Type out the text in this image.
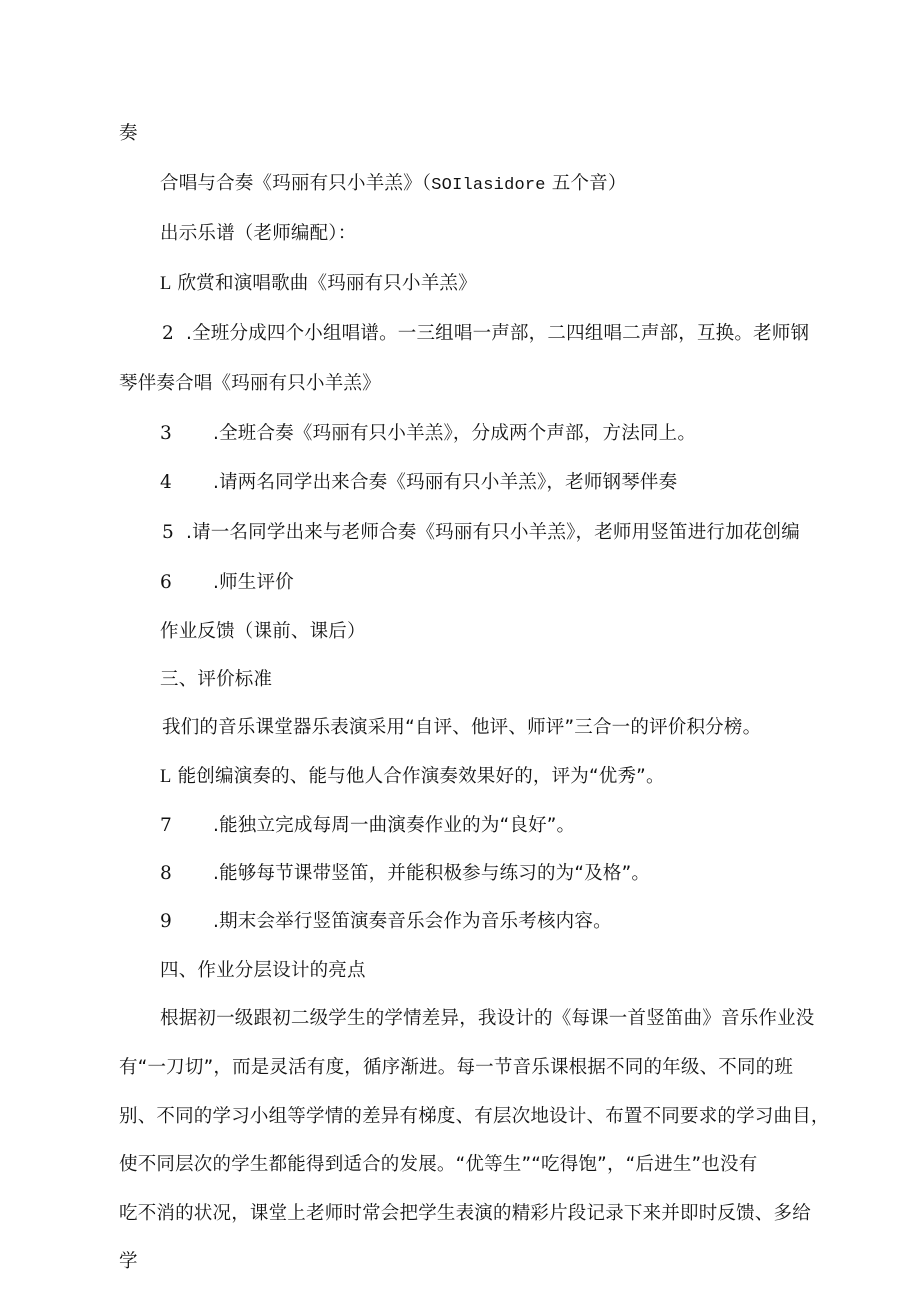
奏
合唱与合奏《玛丽有只小羊羔》（SOIlasidore 五个音）
出示乐谱（老师编配）：
L 欣赏和演唱歌曲《玛丽有只小羊羔》
2 .全班分成四个小组唱谱。一三组唱一声部，二四组唱二声部，互换。老师钢
琴伴奏合唱《玛丽有只小羊羔》
3 .全班合奏《玛丽有只小羊羔》，分成两个声部，方法同上。
4 .请两名同学出来合奏《玛丽有只小羊羔》，老师钢琴伴奏
5 .请一名同学出来与老师合奏《玛丽有只小羊羔》，老师用竖笛进行加花创编
6 .师生评价
作业反馈（课前、课后）
三、评价标准
我们的音乐课堂器乐表演采用“自评、他评、师评”三合一的评价积分榜。
L 能创编演奏的、能与他人合作演奏效果好的，评为“优秀”。
7 .能独立完成每周一曲演奏作业的为“良好”。
8 .能够每节课带竖笛，并能积极参与练习的为“及格”。
9 .期末会举行竖笛演奏音乐会作为音乐考核内容。
四、作业分层设计的亮点
根据初一级跟初二级学生的学情差异，我设计的《每课一首竖笛曲》音乐作业没
有“一刀切”，而是灵活有度，循序渐进。每一节音乐课根据不同的年级、不同的班
别、不同的学习小组等学情的差异有梯度、有层次地设计、布置不同要求的学习曲目，
使不同层次的学生都能得到适合的发展。“优等生”“吃得饱”，“后进生”也没有
吃不消的状况，课堂上老师时常会把学生表演的精彩片段记录下来并即时反馈、多给
学
